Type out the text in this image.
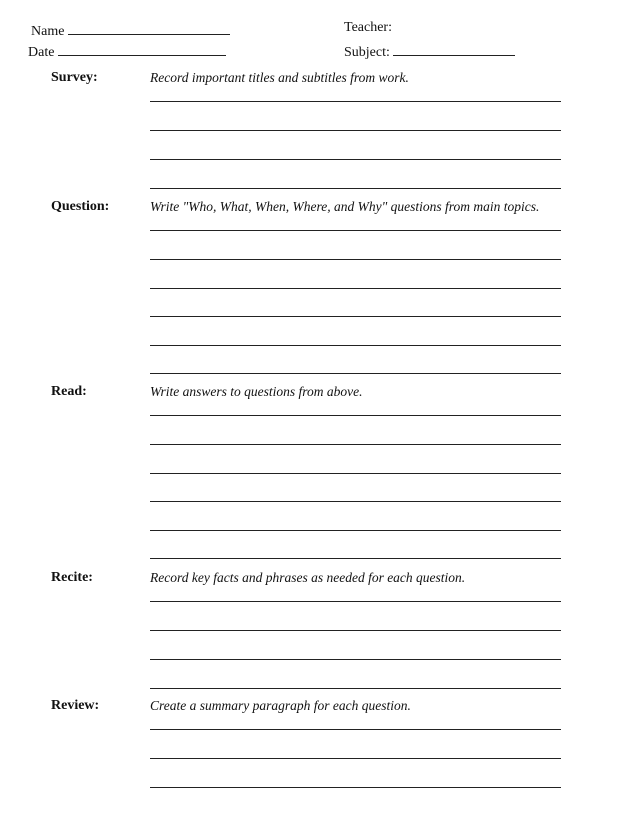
Name	Teacher:
Date	Subject:
Survey:	Record important titles and subtitles from work.
Question:	Write "Who, What, When, Where, and Why" questions from main topics.
Read:	Write answers to questions from above.
Recite:	Record key facts and phrases as needed for each question.
Review:	Create a summary paragraph for each question.
